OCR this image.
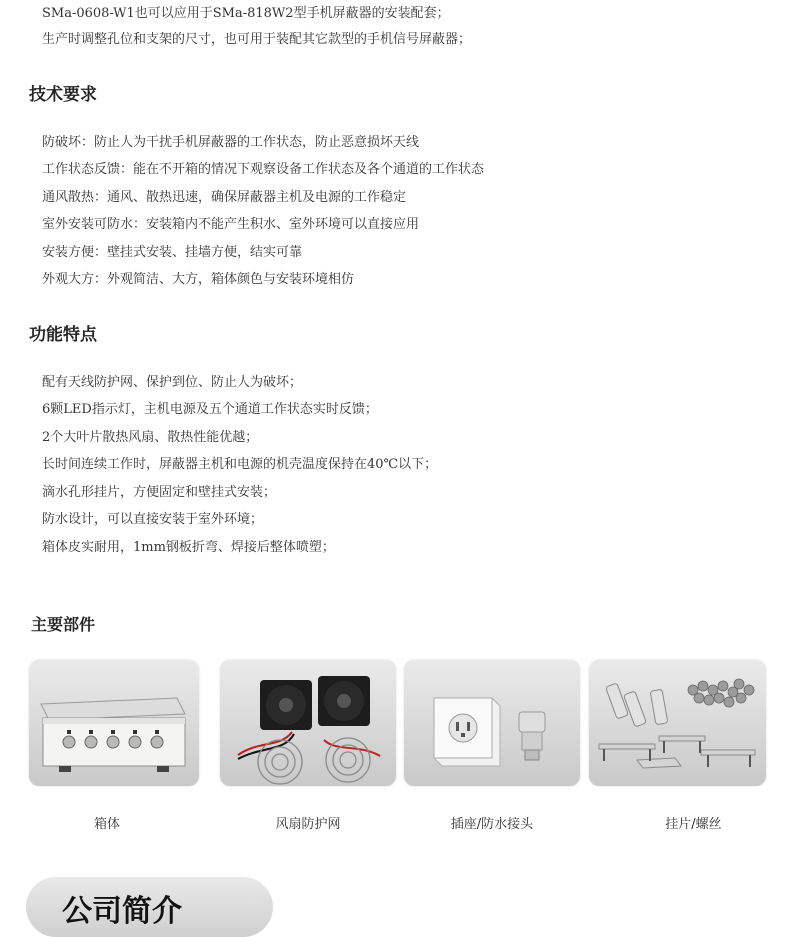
SMa-0608-W1也可以应用于SMa-818W2型手机屏蔽器的安装配套；
生产时调整孔位和支架的尺寸，也可用于装配其它款型的手机信号屏蔽器；
技术要求
防破坏：防止人为干扰手机屏蔽器的工作状态，防止恶意损坏天线
工作状态反馈：能在不开箱的情况下观察设备工作状态及各个通道的工作状态
通风散热：通风、散热迅速，确保屏蔽器主机及电源的工作稳定
室外安装可防水：安装箱内不能产生积水、室外环境可以直接应用
安装方便：壁挂式安装、挂墙方便，结实可靠
外观大方：外观简洁、大方，箱体颜色与安装环境相仿
功能特点
配有天线防护网、保护到位、防止人为破坏；
6颗LED指示灯，主机电源及五个通道工作状态实时反馈；
2个大叶片散热风扇、散热性能优越；
长时间连续工作时，屏蔽器主机和电源的机壳温度保持在40℃以下；
滴水孔形挂片，方便固定和壁挂式安装；
防水设计，可以直接安装于室外环境；
箱体皮实耐用，1mm钢板折弯、焊接后整体喷塑；
主要部件
箱体	风扇防护网	插座/防水接头	挂片/螺丝
公司简介
